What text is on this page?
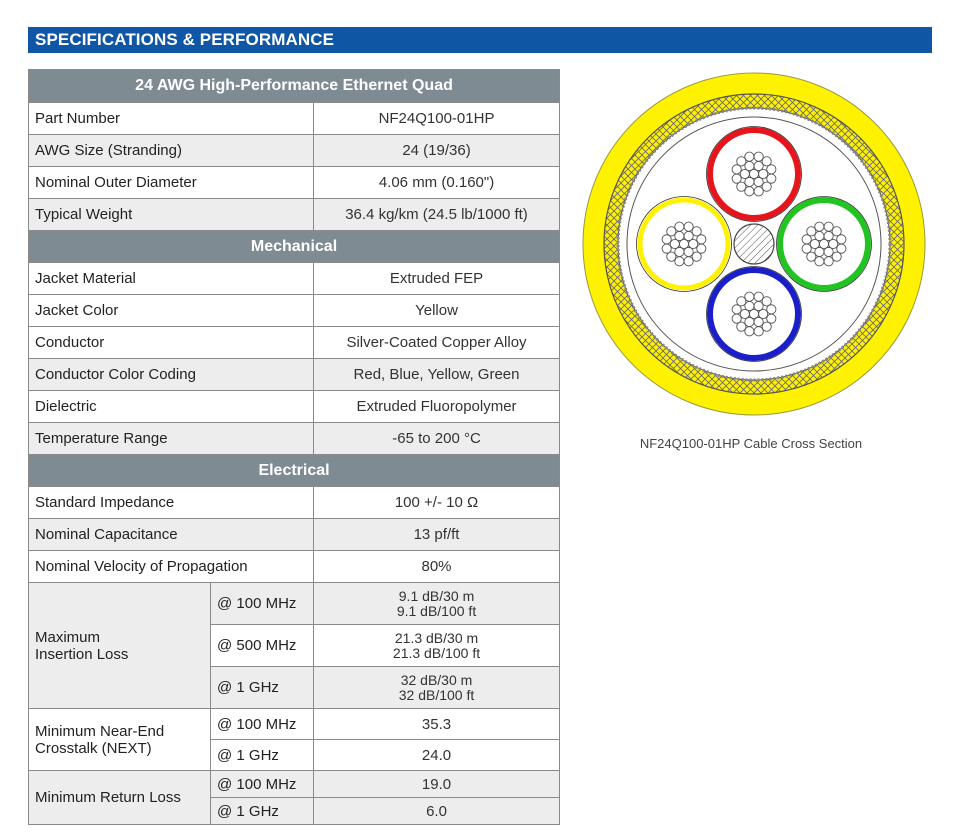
SPECIFICATIONS & PERFORMANCE
24 AWG High-Performance Ethernet Quad		
Part Number		NF24Q100-01HP
AWG Size (Stranding)		24 (19/36)
Nominal Outer Diameter		4.06 mm (0.160")
Typical Weight		36.4 kg/km (24.5 lb/1000 ft)
Mechanical		
Jacket Material		Extruded FEP
Jacket Color		Yellow
Conductor		Silver-Coated Copper Alloy
Conductor Color Coding		Red, Blue, Yellow, Green
Dielectric		Extruded Fluoropolymer
Temperature Range		-65 to 200 °C
Electrical		
Standard Impedance		100 +/- 10 Ω
Nominal Capacitance		13 pf/ft
Nominal Velocity of Propagation		80%
Maximum
Insertion Loss	@ 100 MHz	9.1 dB/30 m
9.1 dB/100 ft
	@ 500 MHz	21.3 dB/30 m
21.3 dB/100 ft
	@ 1 GHz	32 dB/30 m
32 dB/100 ft
Minimum Near-End
Crosstalk (NEXT)	@ 100 MHz	35.3
	@ 1 GHz	24.0
Minimum Return Loss	@ 100 MHz	19.0
	@ 1 GHz	6.0
NF24Q100-01HP Cable Cross Section
